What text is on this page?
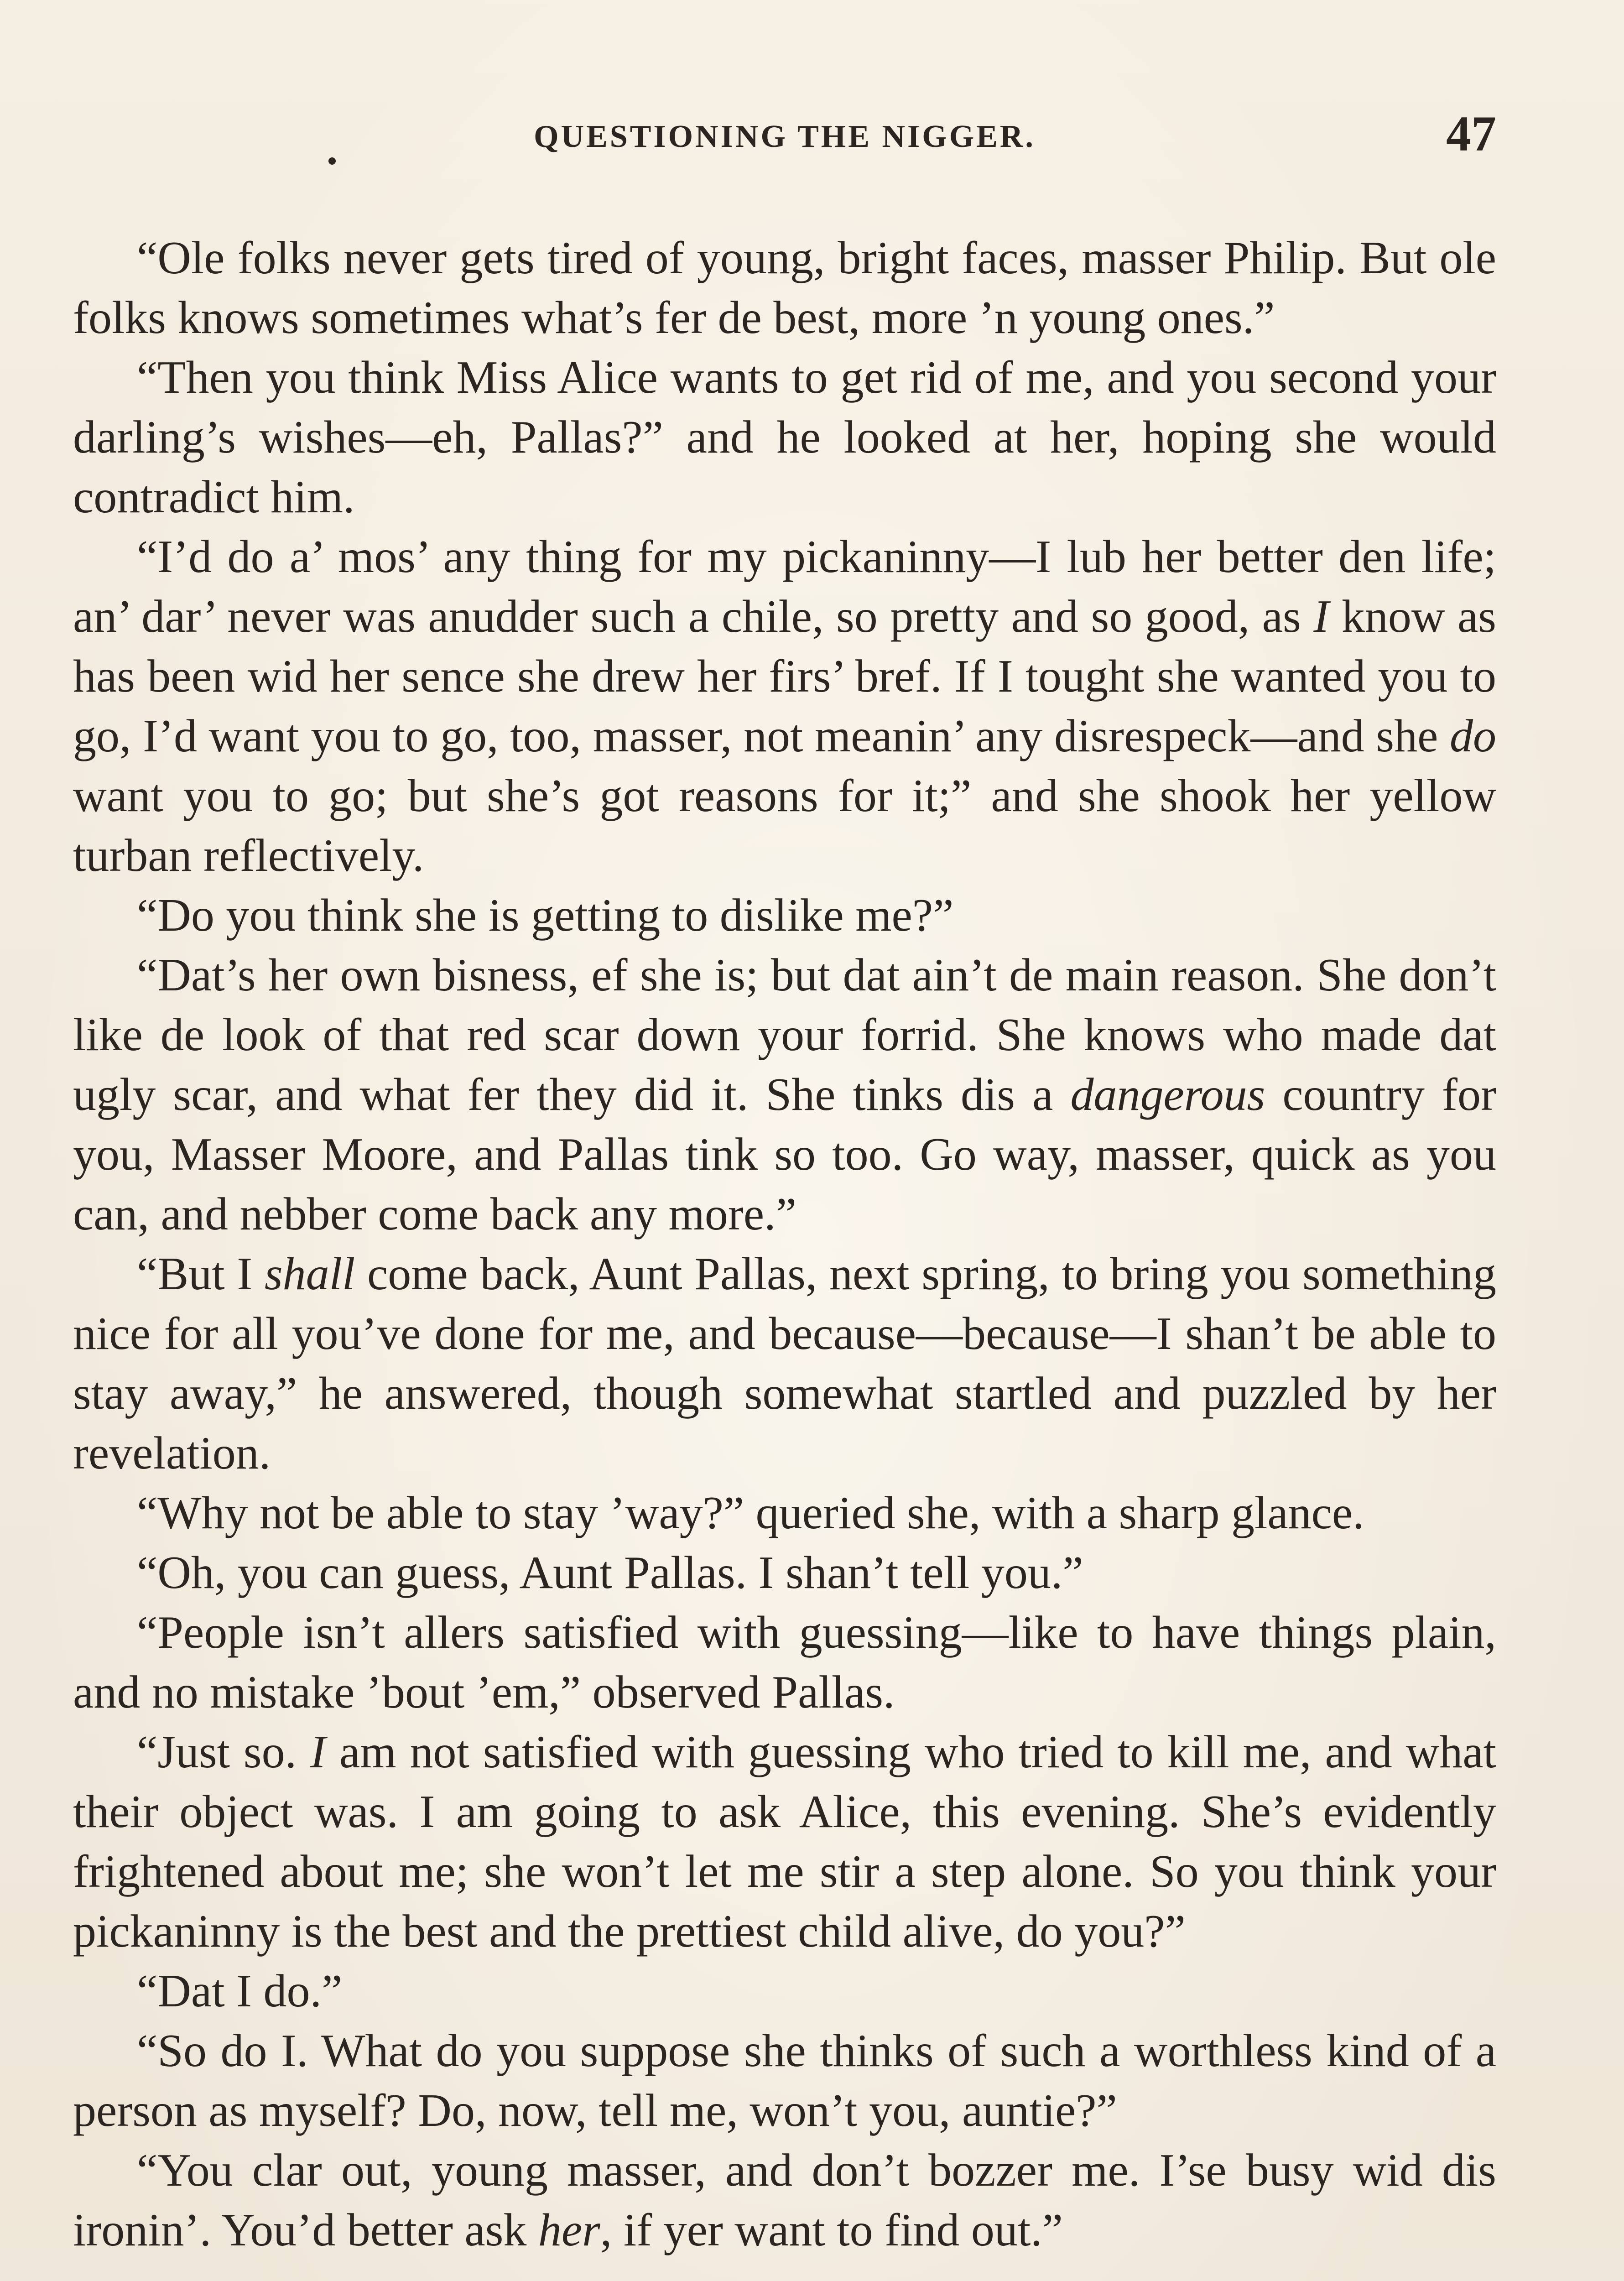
QUESTIONING THE NIGGER.	47

“Ole folks never gets tired of young, bright faces, masser Philip. But ole folks knows sometimes what’s fer de best, more ’n young ones.”

“Then you think Miss Alice wants to get rid of me, and you second your darling’s wishes—eh, Pallas?” and he looked at her, hoping she would contradict him.

“I’d do a’ mos’ any thing for my pickaninny—I lub her better den life; an’ dar’ never was anudder such a chile, so pretty and so good, as I know as has been wid her sence she drew her firs’ bref. If I tought she wanted you to go, I’d want you to go, too, masser, not meanin’ any disrespeck—and she do want you to go; but she’s got reasons for it;” and she shook her yellow turban reflectively.

“Do you think she is getting to dislike me?”

“Dat’s her own bisness, ef she is; but dat ain’t de main reason. She don’t like de look of that red scar down your forrid. She knows who made dat ugly scar, and what fer they did it. She tinks dis a dangerous country for you, Masser Moore, and Pallas tink so too. Go way, masser, quick as you can, and nebber come back any more.”

“But I shall come back, Aunt Pallas, next spring, to bring you something nice for all you’ve done for me, and because—because—I shan’t be able to stay away,” he answered, though somewhat startled and puzzled by her revelation.

“Why not be able to stay ’way?” queried she, with a sharp glance.

“Oh, you can guess, Aunt Pallas. I shan’t tell you.”

“People isn’t allers satisfied with guessing—like to have things plain, and no mistake ’bout ’em,” observed Pallas.

“Just so. I am not satisfied with guessing who tried to kill me, and what their object was. I am going to ask Alice, this evening. She’s evidently frightened about me; she won’t let me stir a step alone. So you think your pickaninny is the best and the prettiest child alive, do you?”

“Dat I do.”

“So do I. What do you suppose she thinks of such a worthless kind of a person as myself? Do, now, tell me, won’t you, auntie?”

“You clar out, young masser, and don’t bozzer me. I’se busy wid dis ironin’. You’d better ask her, if yer want to find out.”
